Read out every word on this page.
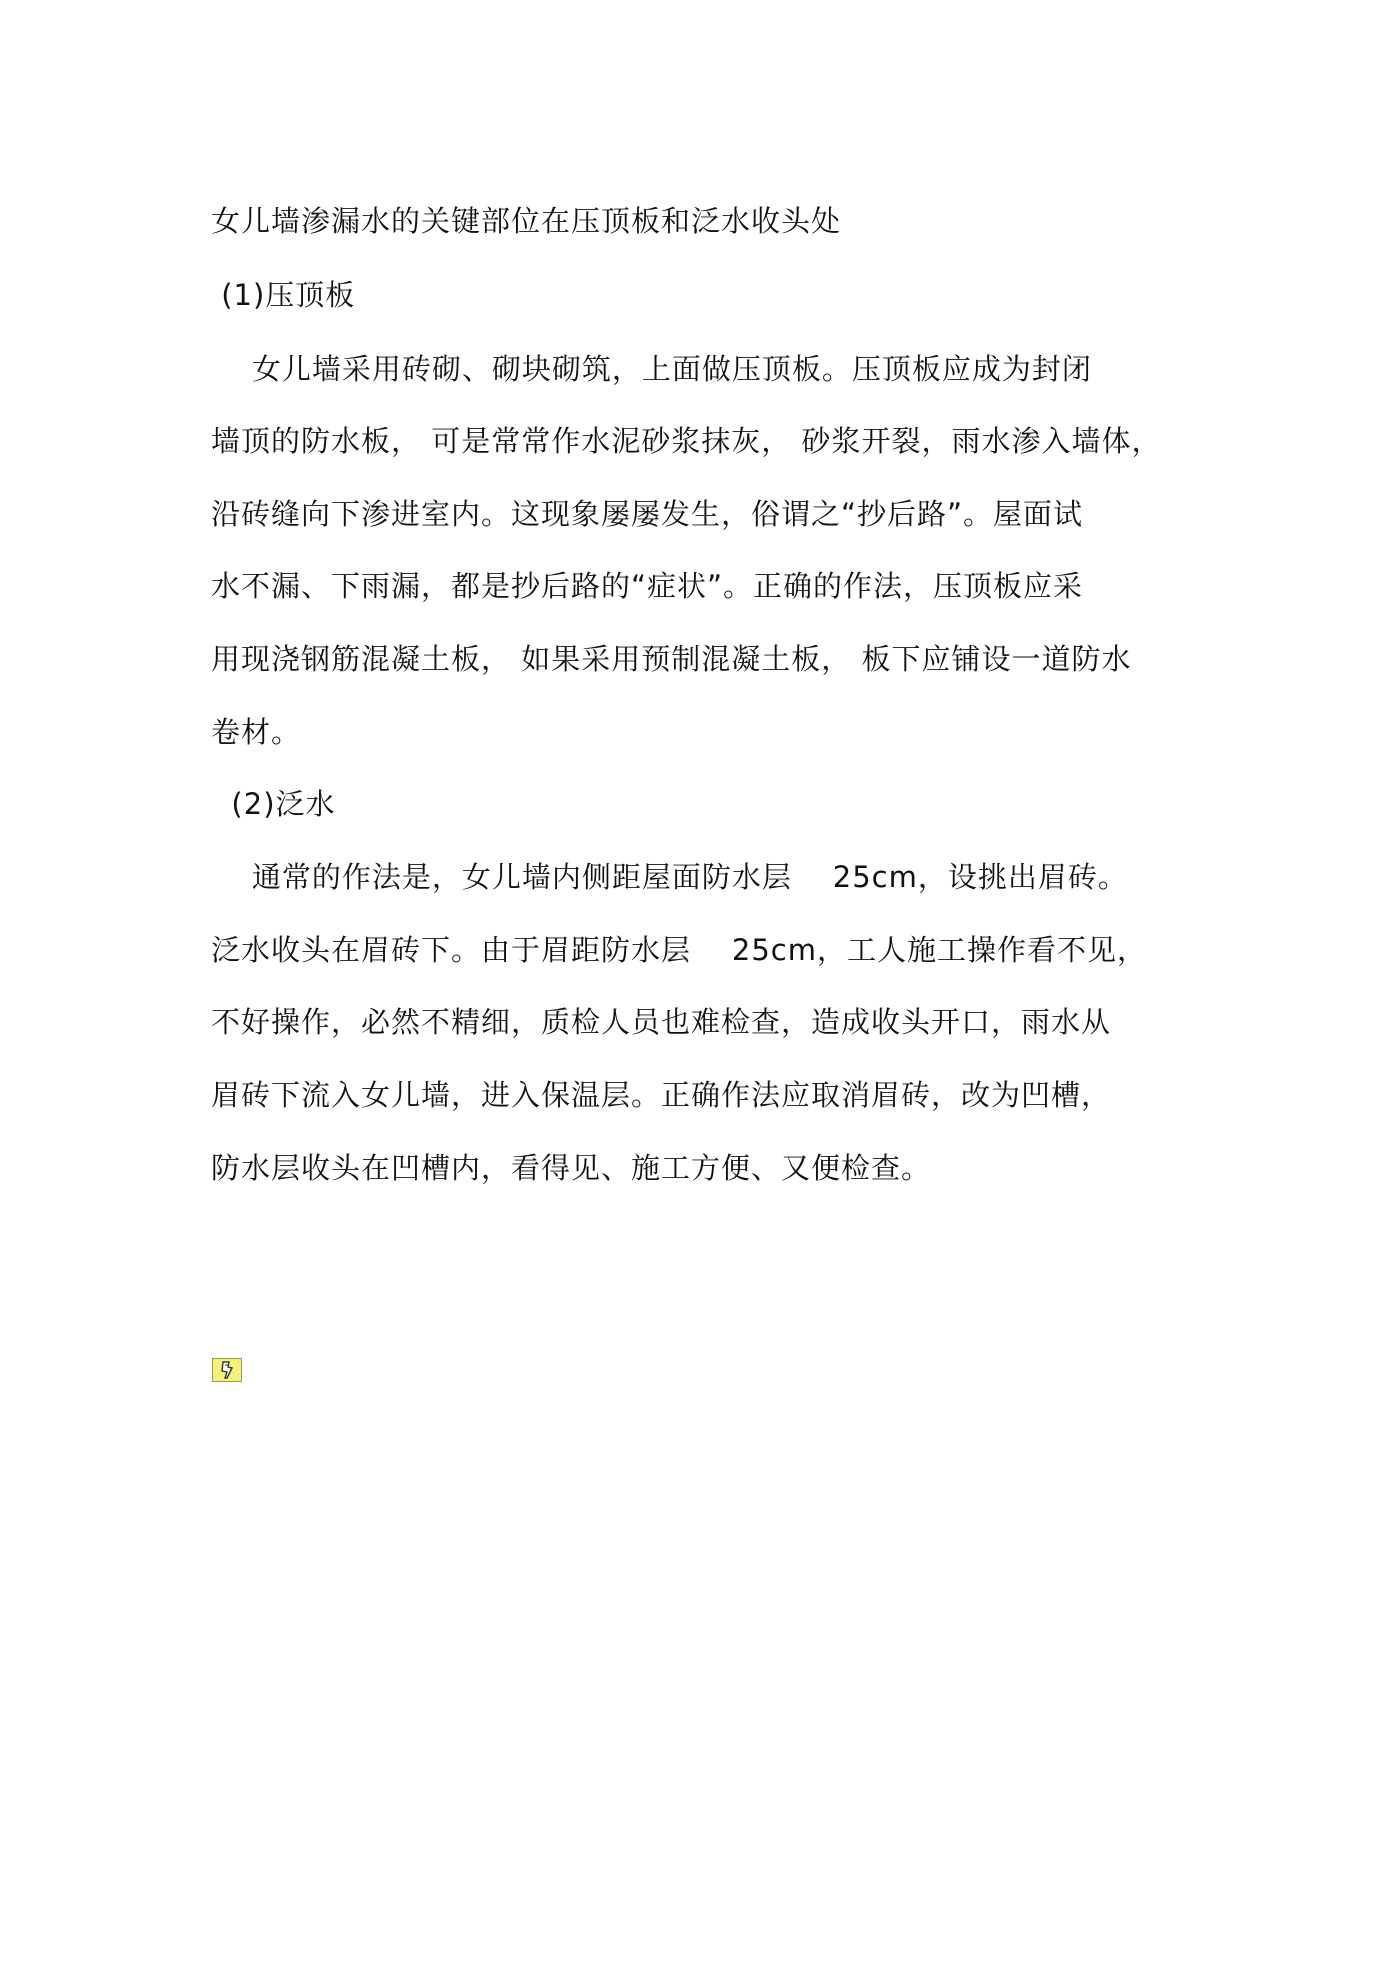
女儿墙渗漏水的关键部位在压顶板和泛水收头处
(1)压顶板
女儿墙采用砖砌、砌块砌筑，上面做压顶板。压顶板应成为封闭
墙顶的防水板， 可是常常作水泥砂浆抹灰， 砂浆开裂，雨水渗入墙体，
沿砖缝向下渗进室内。这现象屡屡发生，俗谓之“抄后路”。屋面试
水不漏、下雨漏，都是抄后路的“症状”。正确的作法，压顶板应采
用现浇钢筋混凝土板， 如果采用预制混凝土板， 板下应铺设一道防水
卷材。
(2)泛水
通常的作法是，女儿墙内侧距屋面防水层    25cm，设挑出眉砖。
泛水收头在眉砖下。由于眉距防水层    25cm，工人施工操作看不见，
不好操作，必然不精细，质检人员也难检查，造成收头开口，雨水从
眉砖下流入女儿墙，进入保温层。正确作法应取消眉砖，改为凹槽，
防水层收头在凹槽内，看得见、施工方便、又便检查。
